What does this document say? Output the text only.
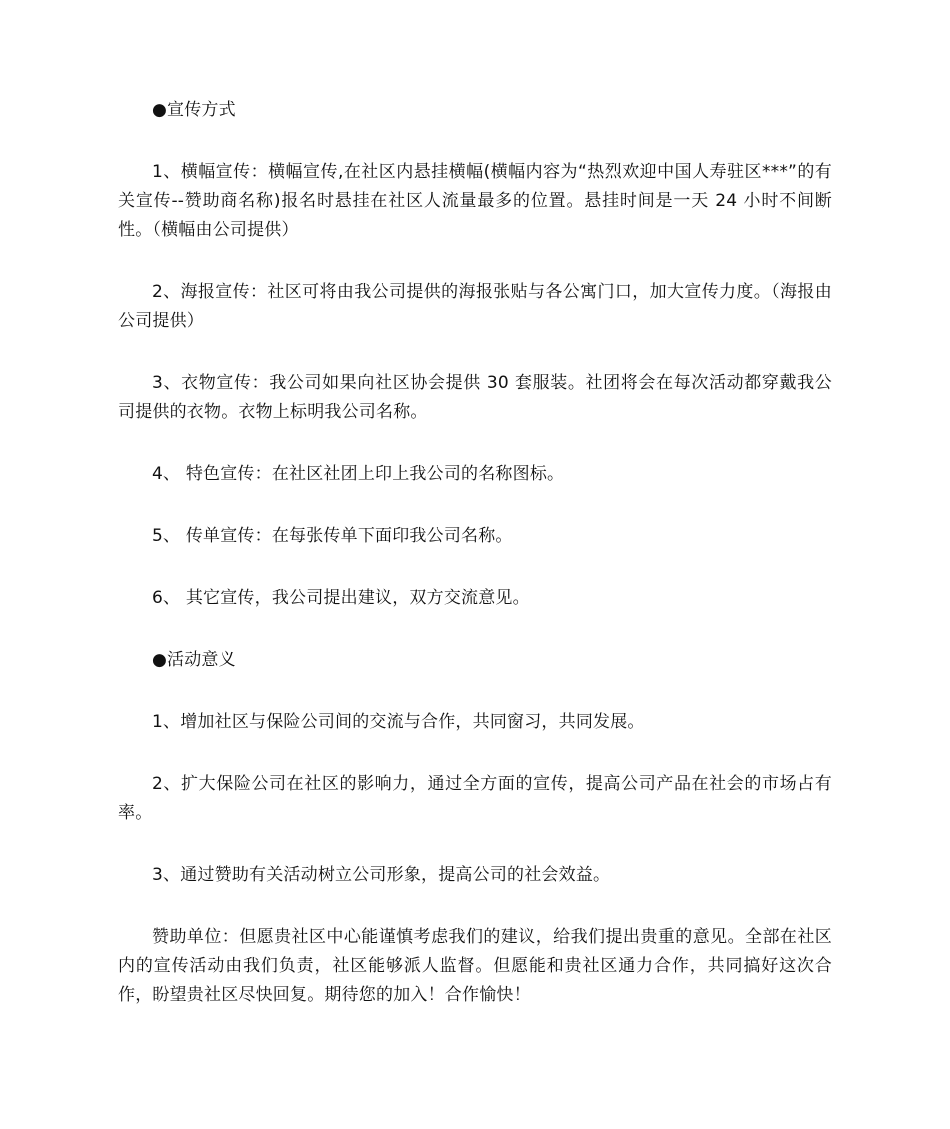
●宣传方式

1、横幅宣传：横幅宣传,在社区内悬挂横幅(横幅内容为“热烈欢迎中国人寿驻区***”的有关宣传--赞助商名称)报名时悬挂在社区人流量最多的位置。悬挂时间是一天 24 小时不间断性。（横幅由公司提供）

2、海报宣传：社区可将由我公司提供的海报张贴与各公寓门口，加大宣传力度。（海报由公司提供）

3、衣物宣传：我公司如果向社区协会提供 30 套服装。社团将会在每次活动都穿戴我公司提供的衣物。衣物上标明我公司名称。

4、 特色宣传：在社区社团上印上我公司的名称图标。

5、 传单宣传：在每张传单下面印我公司名称。

6、 其它宣传，我公司提出建议，双方交流意见。

●活动意义

1、增加社区与保险公司间的交流与合作，共同窗习，共同发展。

2、扩大保险公司在社区的影响力，通过全方面的宣传，提高公司产品在社会的市场占有率。

3、通过赞助有关活动树立公司形象，提高公司的社会效益。

赞助单位：但愿贵社区中心能谨慎考虑我们的建议，给我们提出贵重的意见。全部在社区内的宣传活动由我们负责，社区能够派人监督。但愿能和贵社区通力合作，共同搞好这次合作，盼望贵社区尽快回复。期待您的加入！合作愉快！
